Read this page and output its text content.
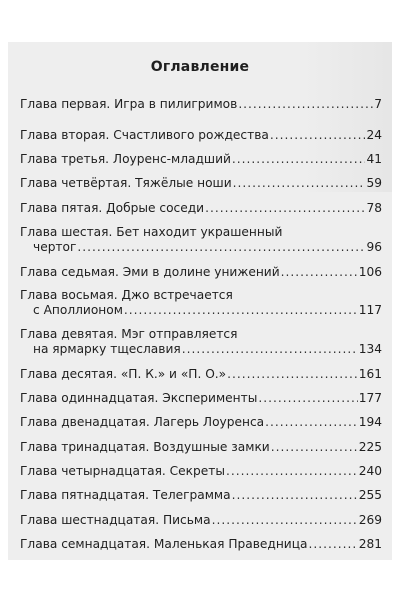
Оглавление
Глава первая. Игра в пилигримов .....	7
Глава вторая. Счастливого рождества .....	24
Глава третья. Лоуренс-младший .....	41
Глава четвёртая. Тяжёлые ноши .....	59
Глава пятая. Добрые соседи .....	78
Глава шестая. Бет находит украшенный
чертог .....	96
Глава седьмая. Эми в долине унижений .....	106
Глава восьмая. Джо встречается
с Аполлионом .....	117
Глава девятая. Мэг отправляется
на ярмарку тщеславия .....	134
Глава десятая. «П. К.» и «П. О.» .....	161
Глава одиннадцатая. Эксперименты .....	177
Глава двенадцатая. Лагерь Лоуренса .....	194
Глава тринадцатая. Воздушные замки .....	225
Глава четырнадцатая. Секреты .....	240
Глава пятнадцатая. Телеграмма .....	255
Глава шестнадцатая. Письма .....	269
Глава семнадцатая. Маленькая Праведница .....	281
